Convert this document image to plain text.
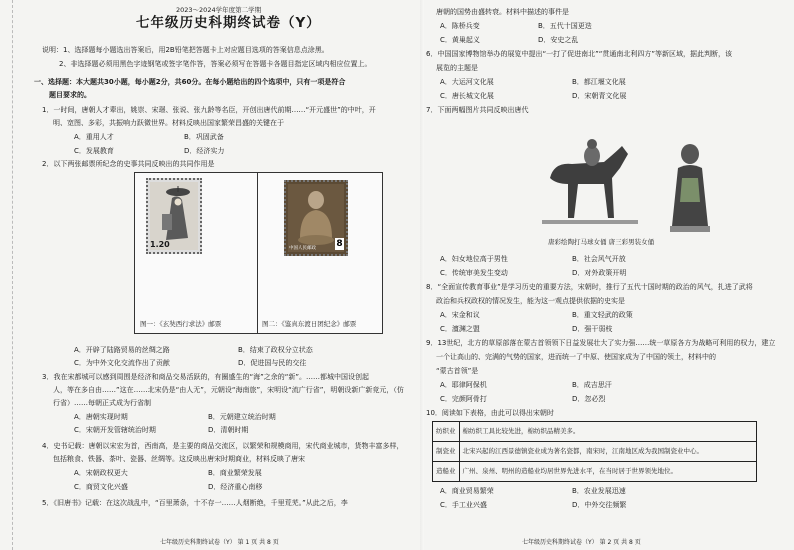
2023～2024学年度第二学期
七年级历史科期终试卷（Y）
说明：1、选择题每小题选出答案后，用2B铅笔把答题卡上对应题目选项的答案信息点涂黑。
2、非选择题必须用黑色字迹钢笔或签字笔作答，答案必须写在答题卡各题目指定区域内相应位置上。
一、选择题：本大题共30小题，每小题2分，共60分。在每小题给出的四个选项中，只有一项是符合
题目要求的。
1．一时间，唐朝人才辈出，姚崇、宋璟、张说、张九龄等名臣，开创出唐代前期……“开元盛世”的中叶，开
明、宽图、多彩，共振响力跃微世界。材料反映出国家繁荣昌盛的关键在于
A．重用人才	B．巩固武备
C．发展教育	D．经济实力
2．以下两张邮票所纪念的史事共同反映出的共同作用是
1.20	中国人民邮政 8
图一：《玄奘西行求法》邮票	图二：《鉴真东渡日团纪念》邮票
A．开辟了陆路贸易的丝绸之路	B．结束了政权分立状态
C．为中外文化交流作出了贡献	D．促进国与民的交往
3．我在宋都城可以感到周围是经济和商品交易活跃的，有圈盛生的“海”之余的“新”。……都城中国设创起
人，等在多自由……”这在……北宋仍是“由人无”，元朝设“海南旅”，宋明设“流广行省”，明朝设新广新竞元，（仿
行省）……每朝正式成为行省制
A．唐朝实现时期	B．元朝建立统治时期
C．宋朝开发管辖统治时期	D．清朝时期
4．史书记载：唐朝以宋宏为首，西南高，是主要的商品交流区，以繁荣和规模商用，宋代商业城市，货物丰富多样，
包括粮食、铁器、茶叶、瓷器、丝绸等。这反映出唐宋时期商业，材料反映了唐宋
A．宋朝政权更大	B．商业繁荣发展
C．商贸文化兴盛	D．经济重心南移
5．《旧唐书》记载：在这次战乱中，“百里萧条，十不存一……人烟断绝，千里荒芜。”从此之后，李
七年级历史科期终试卷（Y） 第 1 页 共 8 页
唐朝的国势由盛转衰。材料中描述的事件是
A．陈桥兵变	B．五代十国更迭
C．黄巢起义	D．安史之乱
6．中国国家博物馆举办的展览中提出“一打了促进南北”“贯通南北利四方”等新区域，据此判断，该
展览的主题是
A．大运河文化展	B．都江堰文化展
C．唐长城文化展	D．宋朝青文化展
7．下面两幅图片共同反映出唐代
唐彩绘陶打马球女俑 唐三彩男装女俑
A．妇女地位高于男性	B．社会风气开放
C．传统审美发生变动	D．对外政策开明
8．“全面宣传教育事业”是学习历史的重要方法，宋朝时，推行了五代十国时期的政治的风气，扎进了武将
政治和兵权政权的情况发生，能为这一观点提供依据的史实是
A．宋金和议	B．重文轻武的政策
C．澶渊之盟	D．强干弱枝
9．13世纪，北方的草原部落在蒙古首领领下日益发展壮大了实力强……统一草原各方为战略可利用的权力，建立
一个让高山的、完满的气势的国家，进而统一了中原、使国家成为了中国的领土，材料中的
“蒙古首领”是
A．耶律阿保机	B．成吉思汗
C．完颜阿骨打	D．忽必烈
10．阅读如下表格，由此可以得出宋朝时
纺织业	棉纺织工具比较先进，棉纺织品精美多。
制瓷业	北宋兴起的江西景德镇瓷业成为著名瓷都，南宋时，江南地区成为我国制瓷业中心。
造船业	广州、泉州、明州的造船业均居世界先进水平，在当时居于世界领先地位。
A．商业贸易繁荣	B．农业发展迅速
C．手工业兴盛	D．中外交往频繁
七年级历史科期终试卷（Y） 第 2 页 共 8 页
